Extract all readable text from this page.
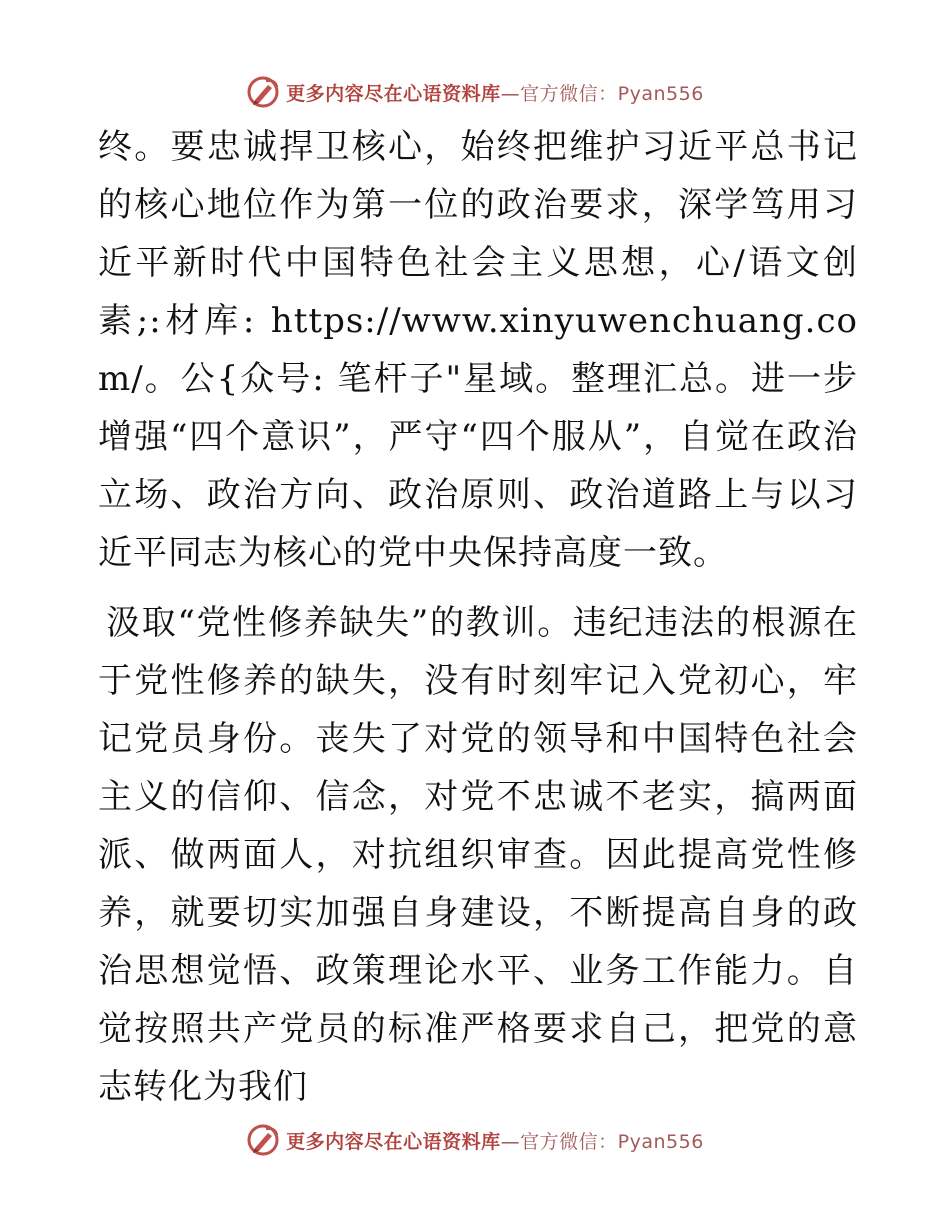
更多内容尽在心语资料库—官方微信：Pyan556

终。要忠诚捍卫核心，始终把维护习近平总书记的核心地位作为第一位的政治要求，深学笃用习近平新时代中国特色社会主义思想，心/语文创素;:材库: https://www.xinyuwenchuang.com/。公{众号: 笔杆子"星域。整理汇总。进一步增强“四个意识”，严守“四个服从”，自觉在政治立场、政治方向、政治原则、政治道路上与以习近平同志为核心的党中央保持高度一致。

汲取“党性修养缺失”的教训。违纪违法的根源在于党性修养的缺失，没有时刻牢记入党初心，牢记党员身份。丧失了对党的领导和中国特色社会主义的信仰、信念，对党不忠诚不老实，搞两面派、做两面人，对抗组织审查。因此提高党性修养，就要切实加强自身建设，不断提高自身的政治思想觉悟、政策理论水平、业务工作能力。自觉按照共产党员的标准严格要求自己，把党的意志转化为我们

更多内容尽在心语资料库—官方微信：Pyan556
